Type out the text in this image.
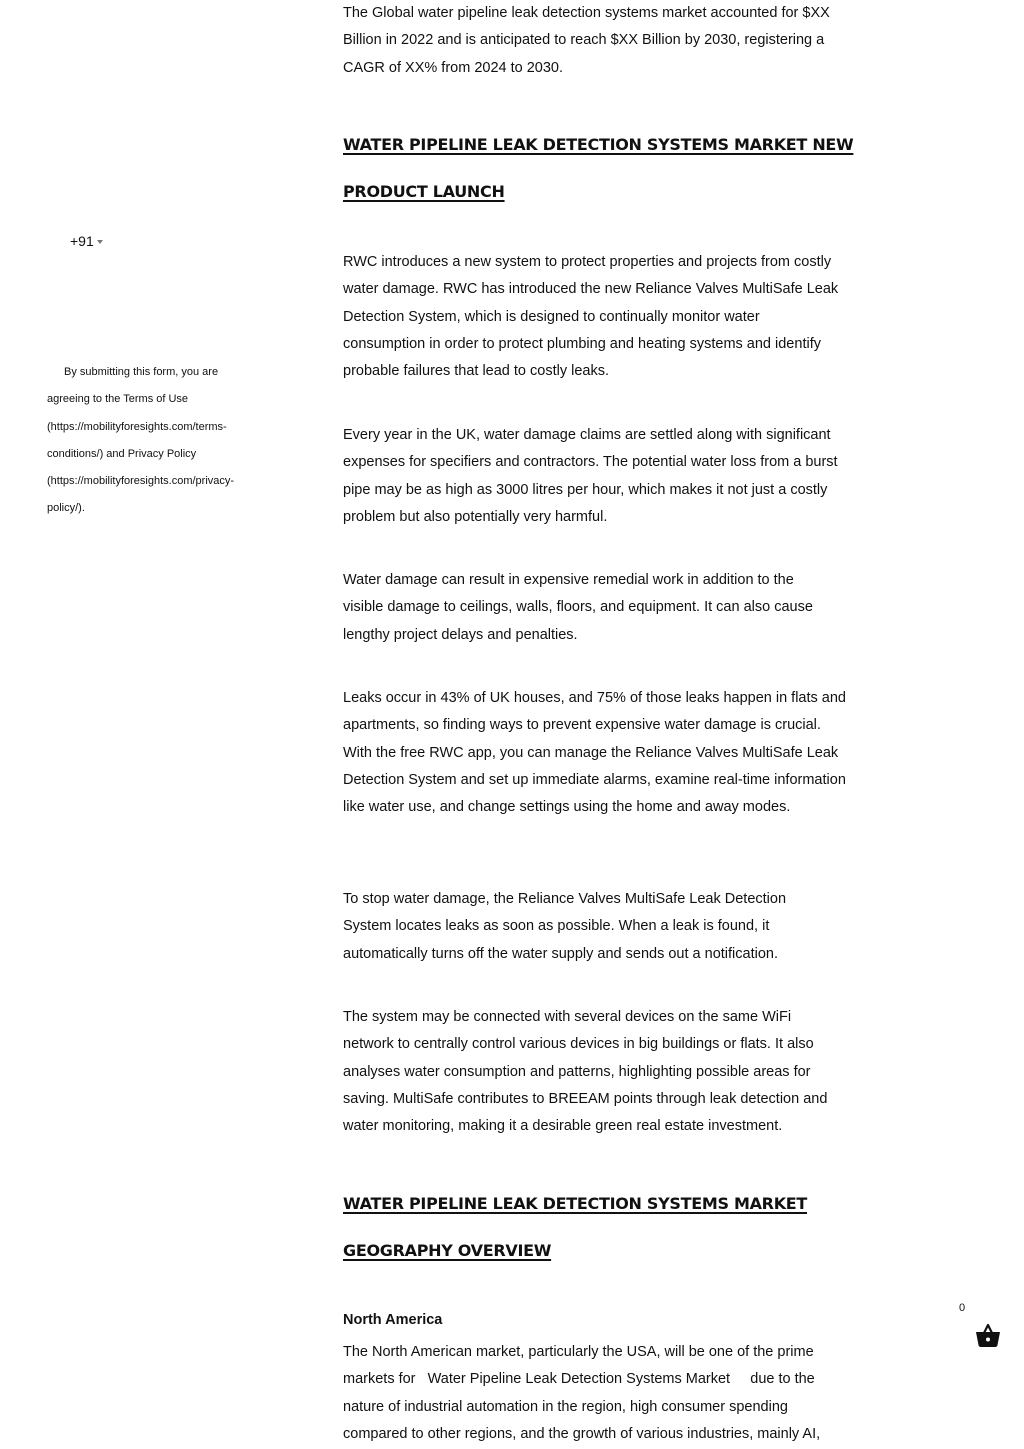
+91
By submitting this form, you are agreeing to the Terms of Use (https://mobilityforesights.com/terms-conditions/) and Privacy Policy (https://mobilityforesights.com/privacy-policy/).

The Global water pipeline leak detection systems market accounted for $XX Billion in 2022 and is anticipated to reach $XX Billion by 2030, registering a CAGR of XX% from 2024 to 2030.

WATER PIPELINE LEAK DETECTION SYSTEMS MARKET NEW
PRODUCT LAUNCH

RWC introduces a new system to protect properties and projects from costly water damage. RWC has introduced the new Reliance Valves MultiSafe Leak Detection System, which is designed to continually monitor water consumption in order to protect plumbing and heating systems and identify probable failures that lead to costly leaks.

Every year in the UK, water damage claims are settled along with significant expenses for specifiers and contractors. The potential water loss from a burst pipe may be as high as 3000 litres per hour, which makes it not just a costly problem but also potentially very harmful.

Water damage can result in expensive remedial work in addition to the visible damage to ceilings, walls, floors, and equipment. It can also cause lengthy project delays and penalties.

Leaks occur in 43% of UK houses, and 75% of those leaks happen in flats and apartments, so finding ways to prevent expensive water damage is crucial. With the free RWC app, you can manage the Reliance Valves MultiSafe Leak Detection System and set up immediate alarms, examine real-time information like water use, and change settings using the home and away modes.

To stop water damage, the Reliance Valves MultiSafe Leak Detection System locates leaks as soon as possible. When a leak is found, it automatically turns off the water supply and sends out a notification.

The system may be connected with several devices on the same WiFi network to centrally control various devices in big buildings or flats. It also analyses water consumption and patterns, highlighting possible areas for saving. MultiSafe contributes to BREEAM points through leak detection and water monitoring, making it a desirable green real estate investment.

WATER PIPELINE LEAK DETECTION SYSTEMS MARKET
GEOGRAPHY OVERVIEW
North America

The North American market, particularly the USA, will be one of the prime markets for Water Pipeline Leak Detection Systems Market due to the nature of industrial automation in the region, high consumer spending compared to other regions, and the growth of various industries, mainly AI,

0
